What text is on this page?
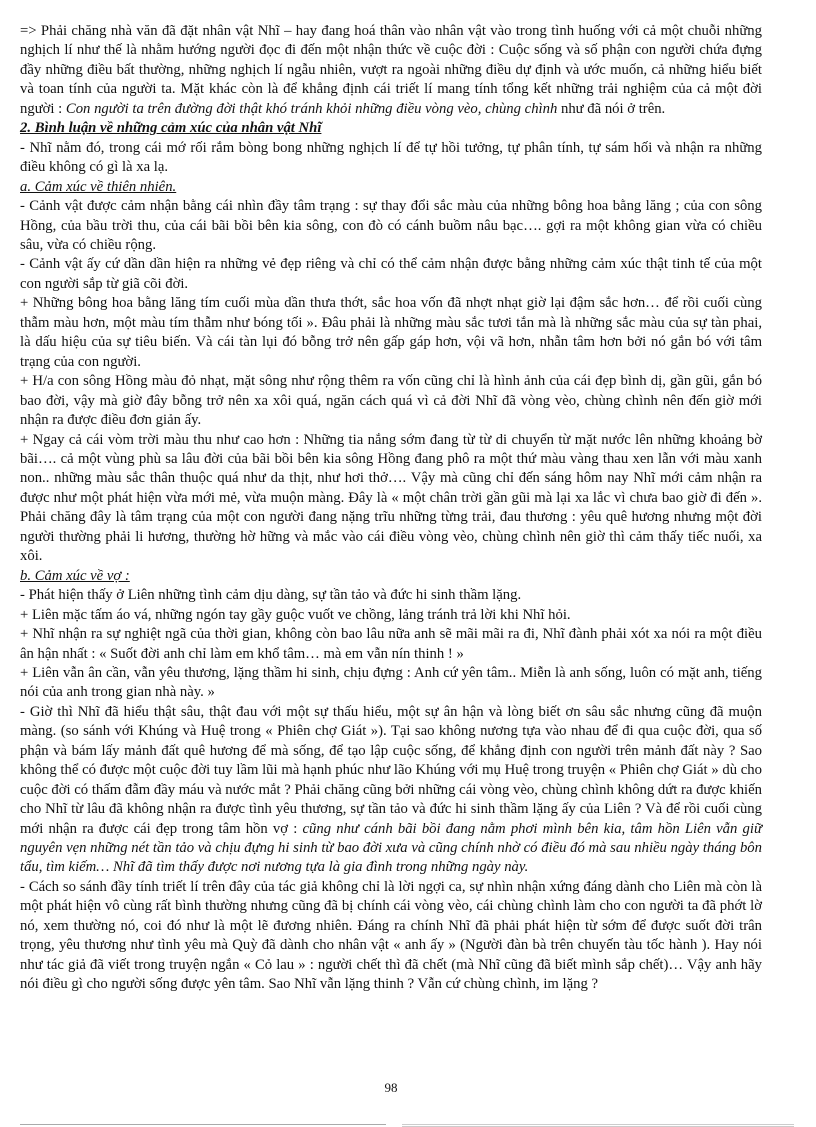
=> Phải chăng nhà văn đã đặt nhân vật Nhĩ – hay đang hoá thân vào nhân vật vào trong tình huống với cả một chuỗi những nghịch lí như thế là nhằm hướng người đọc đi đến một nhận thức về cuộc đời : Cuộc sống và số phận con người chứa đựng đầy những điều bất thường, những nghịch lí ngẫu nhiên, vượt ra ngoài những điều dự định và ước muốn, cả những hiểu biết và toan tính của người ta. Mặt khác còn là để khẳng định cái triết lí mang tính tổng kết những trải nghiệm của cả một đời người : Con người ta trên đường đời thật khó tránh khỏi những điều vòng vèo, chùng chình như đã nói ở trên.

2. Bình luận về những cảm xúc của nhân vật Nhĩ

- Nhĩ nằm đó, trong cái mớ rối rắm bòng bong những nghịch lí để tự hồi tưởng, tự phân tính, tự sám hối và nhận ra những điều không có gì là xa lạ.

a. Cảm xúc về thiên nhiên.

- Cảnh vật được cảm nhận bằng cái nhìn đầy tâm trạng : sự thay đổi sắc màu của những bông hoa bằng lăng ; của con sông Hồng, của bầu trời thu, của cái bãi bồi bên kia sông, con đò có cánh buồm nâu bạc…. gợi ra một không gian vừa có chiều sâu, vừa có chiều rộng.

- Cảnh vật ấy cứ dần dần hiện ra những vẻ đẹp riêng và chỉ có thể cảm nhận được bằng những cảm xúc thật tinh tế của một con người sắp từ giã cõi đời.

+ Những bông hoa bằng lăng tím cuối mùa dần thưa thớt, sắc hoa vốn đã nhợt nhạt giờ lại đậm sắc hơn… để rồi cuối cùng thẫm màu hơn, một màu tím thẫm như bóng tối ». Đâu phải là những màu sắc tươi tắn mà là những sắc màu của sự tàn phai, là dấu hiệu của sự tiêu biến. Và cái tàn lụi đó bỗng trở nên gấp gáp hơn, vội vã hơn, nhẫn tâm hơn bởi nó gắn bó với tâm trạng của con người.

+ H/a con sông Hồng màu đỏ nhạt, mặt sông như rộng thêm ra vốn cũng chỉ là hình ảnh của cái đẹp bình dị, gần gũi, gắn bó bao đời, vậy mà giờ đây bỗng trở nên xa xôi quá, ngăn cách quá vì cả đời Nhĩ đã vòng vèo, chùng chình nên đến giờ mới nhận ra được điều đơn giản ấy.

+ Ngay cả cái vòm trời màu thu như cao hơn : Những tia nắng sớm đang từ từ di chuyển từ mặt nước lên những khoảng bờ bãi…. cả một vùng phù sa lâu đời của bãi bồi bên kia sông Hồng đang phô ra một thứ màu vàng thau xen lẫn với màu xanh non.. những màu sắc thân thuộc quá như da thịt, như hơi thở…. Vậy mà cũng chỉ đến sáng hôm nay Nhĩ mới cảm nhận ra được như một phát hiện vừa mới mẻ, vừa muộn màng. Đây là « một chân trời gần gũi mà lại xa lắc vì chưa bao giờ đi đến ». Phải chăng đây là tâm trạng của một con người đang nặng trĩu những từng trải, đau thương : yêu quê hương nhưng một đời người thường phải li hương, thường hờ hững và mắc vào cái điều vòng vèo, chùng chình nên giờ thì cảm thấy tiếc nuối, xa xôi.

b. Cảm xúc về vợ :

- Phát hiện thấy ở Liên những tình cảm dịu dàng, sự tần tảo và đức hi sinh thầm lặng.

+ Liên mặc tấm áo vá, những ngón tay gầy guộc vuốt ve chồng, lảng tránh trả lời khi Nhĩ hỏi.

+ Nhĩ nhận ra sự nghiệt ngã của thời gian, không còn bao lâu nữa anh sẽ mãi mãi ra đi, Nhĩ đành phải xót xa nói ra một điều ân hận nhất : « Suốt đời anh chỉ làm em khổ tâm… mà em vẫn nín thinh ! »

+ Liên vẫn ân cần, vẫn yêu thương, lặng thầm hi sinh, chịu đựng : Anh cứ yên tâm.. Miễn là anh sống, luôn có mặt anh, tiếng nói của anh trong gian nhà này. »

- Giờ thì Nhĩ đã hiểu thật sâu, thật đau với một sự thấu hiểu, một sự ân hận và lòng biết ơn sâu sắc nhưng cũng đã muộn màng. (so sánh với Khúng và Huệ trong « Phiên chợ Giát »). Tại sao không nương tựa vào nhau để đi qua cuộc đời, qua số phận và bám lấy mảnh đất quê hương để mà sống, để tạo lập cuộc sống, để khẳng định con người trên mảnh đất này ? Sao không thể có được một cuộc đời tuy lầm lũi mà hạnh phúc như lão Khúng với mụ Huệ trong truyện « Phiên chợ Giát » dù cho cuộc đời có thấm đẫm đầy máu và nước mắt ? Phải chăng cũng bởi những cái vòng vèo, chùng chình không dứt ra được khiến cho Nhĩ từ lâu đã không nhận ra được tình yêu thương, sự tần tảo và đức hi sinh thầm lặng ấy của Liên ? Và để rồi cuối cùng mới nhận ra được cái đẹp trong tâm hồn vợ : cũng như cánh bãi bồi đang nằm phơi mình bên kia, tâm hồn Liên vẫn giữ nguyên vẹn những nét tần tảo và chịu đựng hi sinh từ bao đời xưa và cũng chính nhờ có điều đó mà sau nhiều ngày tháng bôn tẩu, tìm kiếm… Nhĩ đã tìm thấy được nơi nương tựa là gia đình trong những ngày này.

- Cách so sánh đầy tính triết lí trên đây của tác giả không chỉ là lời ngợi ca, sự nhìn nhận xứng đáng dành cho Liên mà còn là một phát hiện vô cùng rất bình thường nhưng cũng đã bị chính cái vòng vèo, cái chùng chình làm cho con người ta đã phớt lờ nó, xem thường nó, coi đó như là một lẽ đương nhiên. Đáng ra chính Nhĩ đã phải phát hiện từ sớm để được suốt đời trân trọng, yêu thương như tình yêu mà Quỳ đã dành cho nhân vật « anh ấy » (Người đàn bà trên chuyến tàu tốc hành ). Hay nói như tác giả đã viết trong truyện ngắn « Cỏ lau » : người chết thì đã chết (mà Nhĩ cũng đã biết mình sắp chết)… Vậy anh hãy nói điều gì cho người sống được yên tâm. Sao Nhĩ vẫn lặng thinh ? Vẫn cứ chùng chình, im lặng ?

98
